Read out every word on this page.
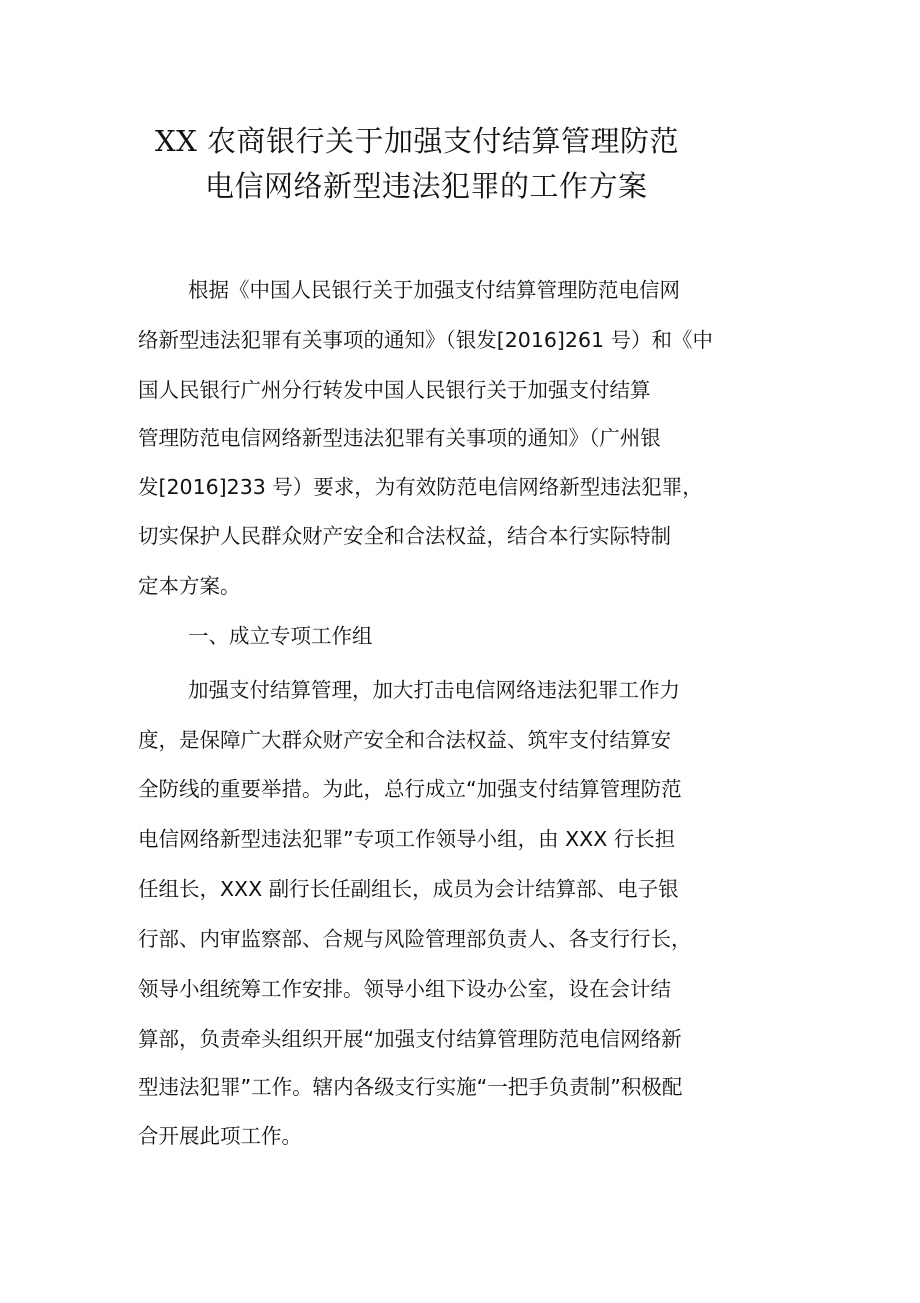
XX 农商银行关于加强支付结算管理防范
电信网络新型违法犯罪的工作方案
根据《中国人民银行关于加强支付结算管理防范电信网
络新型违法犯罪有关事项的通知》（银发[2016]261 号）和《中
国人民银行广州分行转发中国人民银行关于加强支付结算
管理防范电信网络新型违法犯罪有关事项的通知》（广州银
发[2016]233 号）要求，为有效防范电信网络新型违法犯罪，
切实保护人民群众财产安全和合法权益，结合本行实际特制
定本方案。
一、成立专项工作组
加强支付结算管理，加大打击电信网络违法犯罪工作力
度，是保障广大群众财产安全和合法权益、筑牢支付结算安
全防线的重要举措。为此，总行成立“加强支付结算管理防范
电信网络新型违法犯罪”专项工作领导小组，由 XXX 行长担
任组长，XXX 副行长任副组长，成员为会计结算部、电子银
行部、内审监察部、合规与风险管理部负责人、各支行行长，
领导小组统筹工作安排。领导小组下设办公室，设在会计结
算部，负责牵头组织开展“加强支付结算管理防范电信网络新
型违法犯罪”工作。辖内各级支行实施“一把手负责制”积极配
合开展此项工作。
